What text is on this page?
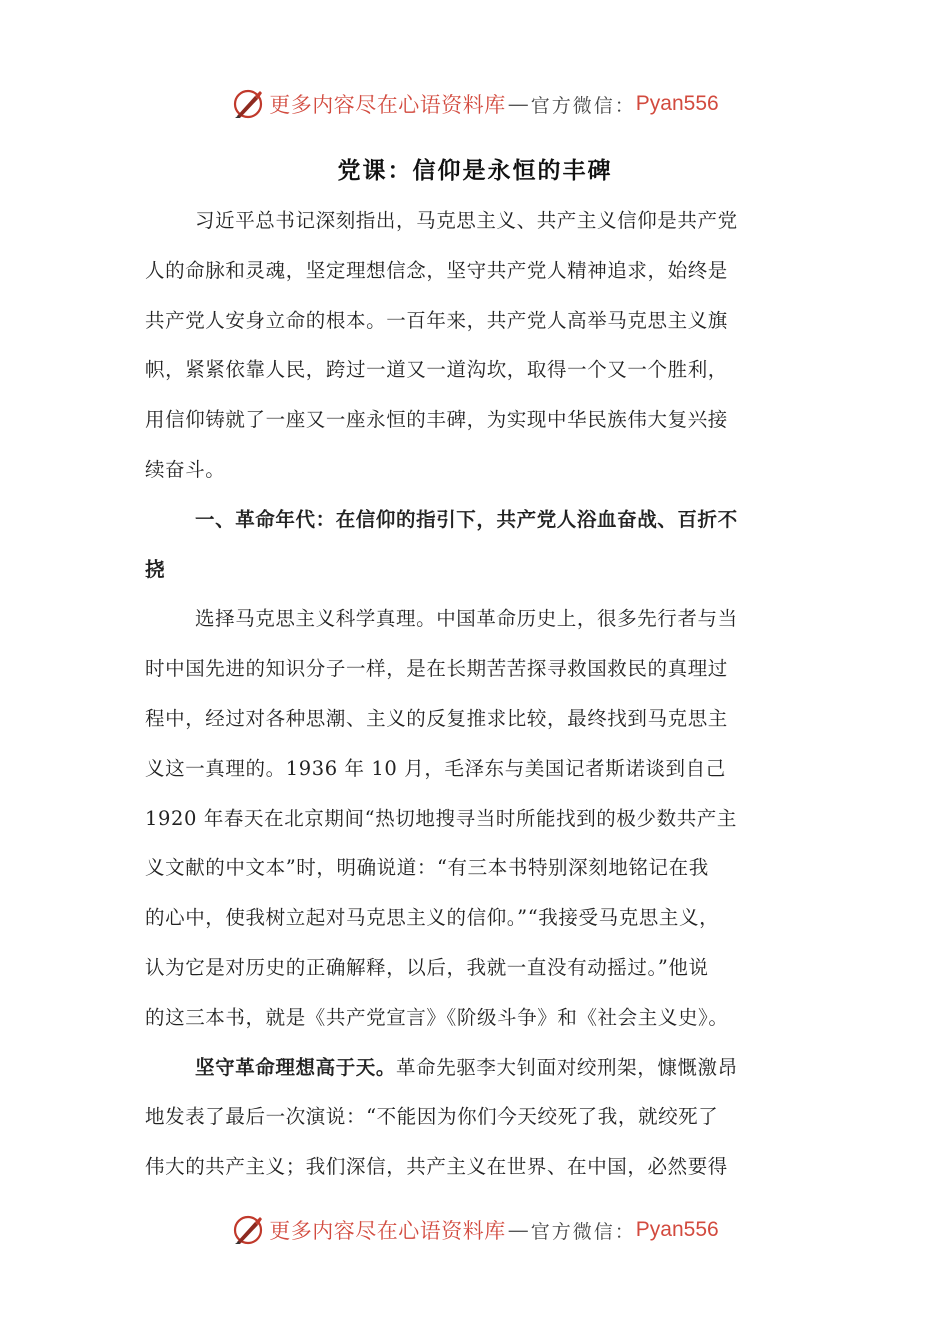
更多内容尽在心语资料库 — 官方微信： Pyan556
党课：信仰是永恒的丰碑
习近平总书记深刻指出，马克思主义、共产主义信仰是共产党
人的命脉和灵魂，坚定理想信念，坚守共产党人精神追求，始终是
共产党人安身立命的根本。一百年来，共产党人高举马克思主义旗
帜，紧紧依靠人民，跨过一道又一道沟坎，取得一个又一个胜利，
用信仰铸就了一座又一座永恒的丰碑，为实现中华民族伟大复兴接
续奋斗。
一、革命年代：在信仰的指引下，共产党人浴血奋战、百折不
挠
选择马克思主义科学真理。中国革命历史上，很多先行者与当
时中国先进的知识分子一样，是在长期苦苦探寻救国救民的真理过
程中，经过对各种思潮、主义的反复推求比较，最终找到马克思主
义这一真理的。1936 年 10 月，毛泽东与美国记者斯诺谈到自己
1920 年春天在北京期间“热切地搜寻当时所能找到的极少数共产主
义文献的中文本”时，明确说道：“有三本书特别深刻地铭记在我
的心中，使我树立起对马克思主义的信仰。”“我接受马克思主义，
认为它是对历史的正确解释，以后，我就一直没有动摇过。”他说
的这三本书，就是《共产党宣言》《阶级斗争》和《社会主义史》。
坚守革命理想高于天。革命先驱李大钊面对绞刑架，慷慨激昂
地发表了最后一次演说：“不能因为你们今天绞死了我，就绞死了
伟大的共产主义；我们深信，共产主义在世界、在中国，必然要得
更多内容尽在心语资料库 — 官方微信： Pyan556
